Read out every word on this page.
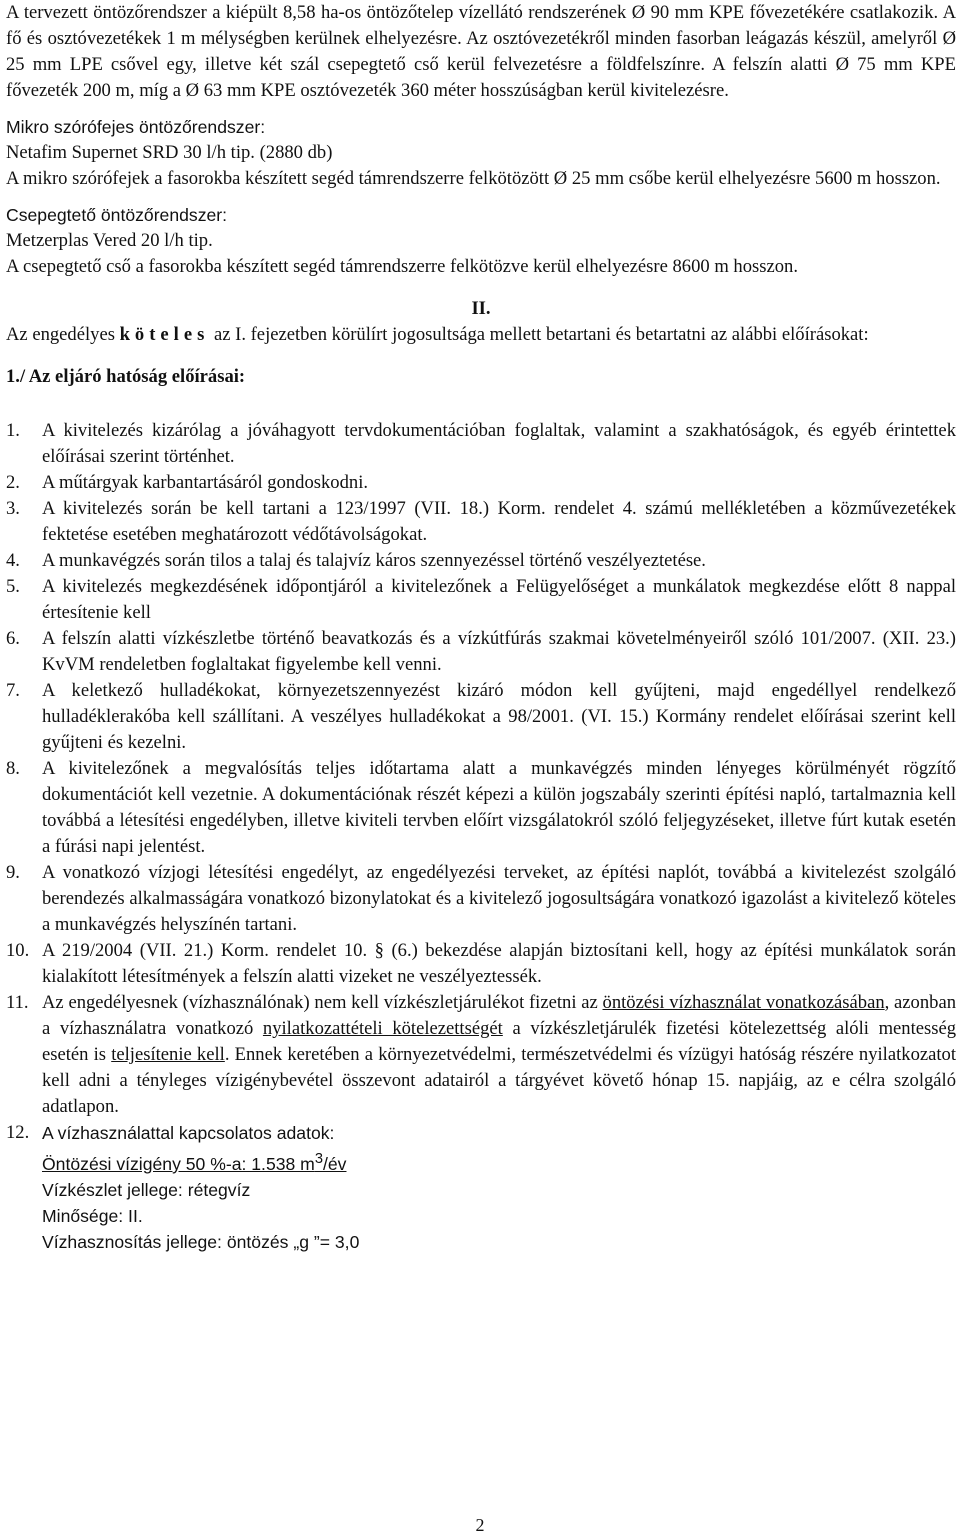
A tervezett öntözőrendszer a kiépült 8,58 ha-os öntözőtelep vízellátó rendszerének Ø 90 mm KPE fővezetékére csatlakozik. A fő és osztóvezetékek 1 m mélységben kerülnek elhelyezésre. Az osztóvezetékről minden fasorban leágazás készül, amelyről Ø 25 mm LPE csővel egy, illetve két szál csepegtető cső kerül felvezetésre a földfelszínre. A felszín alatti Ø 75 mm KPE fővezeték 200 m, míg a Ø 63 mm KPE osztóvezeték 360 méter hosszúságban kerül kivitelezésre.

Mikro szórófejes öntözőrendszer:

Netafim Supernet SRD 30 l/h tip. (2880 db)

A mikro szórófejek a fasorokba készített segéd támrendszerre felkötözött Ø 25 mm csőbe kerül elhelyezésre 5600 m hosszon.

Csepegtető öntözőrendszer:

Metzerplas Vered 20 l/h tip.

A csepegtető cső a fasorokba készített segéd támrendszerre felkötözve kerül elhelyezésre 8600 m hosszon.

II.

Az engedélyes köteles az I. fejezetben körülírt jogosultsága mellett betartani és betartatni az alábbi előírásokat:

1./ Az eljáró hatóság előírásai:

1. A kivitelezés kizárólag a jóváhagyott tervdokumentációban foglaltak, valamint a szakhatóságok, és egyéb érintettek előírásai szerint történhet.
2. A műtárgyak karbantartásáról gondoskodni.
3. A kivitelezés során be kell tartani a 123/1997 (VII. 18.) Korm. rendelet 4. számú mellékletében a közművezetékek fektetése esetében meghatározott védőtávolságokat.
4. A munkavégzés során tilos a talaj és talajvíz káros szennyezéssel történő veszélyeztetése.
5. A kivitelezés megkezdésének időpontjáról a kivitelezőnek a Felügyelőséget a munkálatok megkezdése előtt 8 nappal értesítenie kell
6. A felszín alatti vízkészletbe történő beavatkozás és a vízkútfúrás szakmai követelményeiről szóló 101/2007. (XII. 23.) KvVM rendeletben foglaltakat figyelembe kell venni.
7. A keletkező hulladékokat, környezetszennyezést kizáró módon kell gyűjteni, majd engedéllyel rendelkező hulladéklerakóba kell szállítani. A veszélyes hulladékokat a 98/2001. (VI. 15.) Kormány rendelet előírásai szerint kell gyűjteni és kezelni.
8. A kivitelezőnek a megvalósítás teljes időtartama alatt a munkavégzés minden lényeges körülményét rögzítő dokumentációt kell vezetnie. A dokumentációnak részét képezi a külön jogszabály szerinti építési napló, tartalmaznia kell továbbá a létesítési engedélyben, illetve kiviteli tervben előírt vizsgálatokról szóló feljegyzéseket, illetve fúrt kutak esetén a fúrási napi jelentést.
9. A vonatkozó vízjogi létesítési engedélyt, az engedélyezési terveket, az építési naplót, továbbá a kivitelezést szolgáló berendezés alkalmasságára vonatkozó bizonylatokat és a kivitelező jogosultságára vonatkozó igazolást a kivitelező köteles a munkavégzés helyszínén tartani.
10. A 219/2004 (VII. 21.) Korm. rendelet 10. § (6.) bekezdése alapján biztosítani kell, hogy az építési munkálatok során kialakított létesítmények a felszín alatti vizeket ne veszélyeztessék.
11. Az engedélyesnek (vízhasználónak) nem kell vízkészletjárulékot fizetni az öntözési vízhasználat vonatkozásában, azonban a vízhasználatra vonatkozó nyilatkozattételi kötelezettségét a vízkészletjárulék fizetési kötelezettség alóli mentesség esetén is teljesítenie kell. Ennek keretében a környezetvédelmi, természetvédelmi és vízügyi hatóság részére nyilatkozatot kell adni a tényleges vízigénybevétel összevont adatairól a tárgyévet követő hónap 15. napjáig, az e célra szolgáló adatlapon.
12. A vízhasználattal kapcsolatos adatok:
Öntözési vízigény 50 %-a: 1.538 $m^3/év$
Vízkészlet jellege: rétegvíz
Minősége: II.
Vízhasznosítás jellege: öntözés „g ”= 3,0
2
